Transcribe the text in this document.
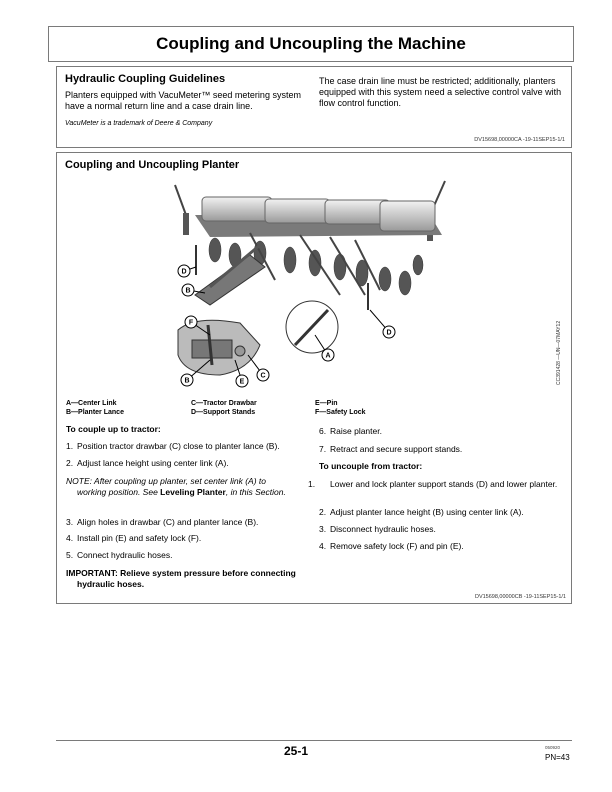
Coupling and Uncoupling the Machine
Hydraulic Coupling Guidelines
Planters equipped with VacuMeter™ seed metering system have a normal return line and a case drain line.
The case drain line must be restricted; additionally, planters equipped with this system need a selective control valve with flow control function.
VacuMeter is a trademark of Deere & Company
DV15698,00000CA -19-11SEP15-1/1
Coupling and Uncoupling Planter
D
B
F
B	E
C
A
D	CC391428 —UN—07MAY12
A—Center Link
B—Planter Lance
C—Tractor Drawbar
D—Support Stands
E—Pin
F—Safety Lock
To couple up to tractor:
1. Position tractor drawbar (C) close to planter lance (B).
2. Adjust lance height using center link (A).
NOTE: After coupling up planter, set center link (A) to working position. See Leveling Planter, in this Section.
3. Align holes in drawbar (C) and planter lance (B).
4. Install pin (E) and safety lock (F).
5. Connect hydraulic hoses.
IMPORTANT: Relieve system pressure before connecting hydraulic hoses.
6. Raise planter.
7. Retract and secure support stands.
To uncouple from tractor:
1. Lower and lock planter support stands (D) and lower planter.
2. Adjust planter lance height (B) using center link (A).
3. Disconnect hydraulic hoses.
4. Remove safety lock (F) and pin (E).
DV15698,00000CB -19-11SEP15-1/1
25-1	050920
PN=43
